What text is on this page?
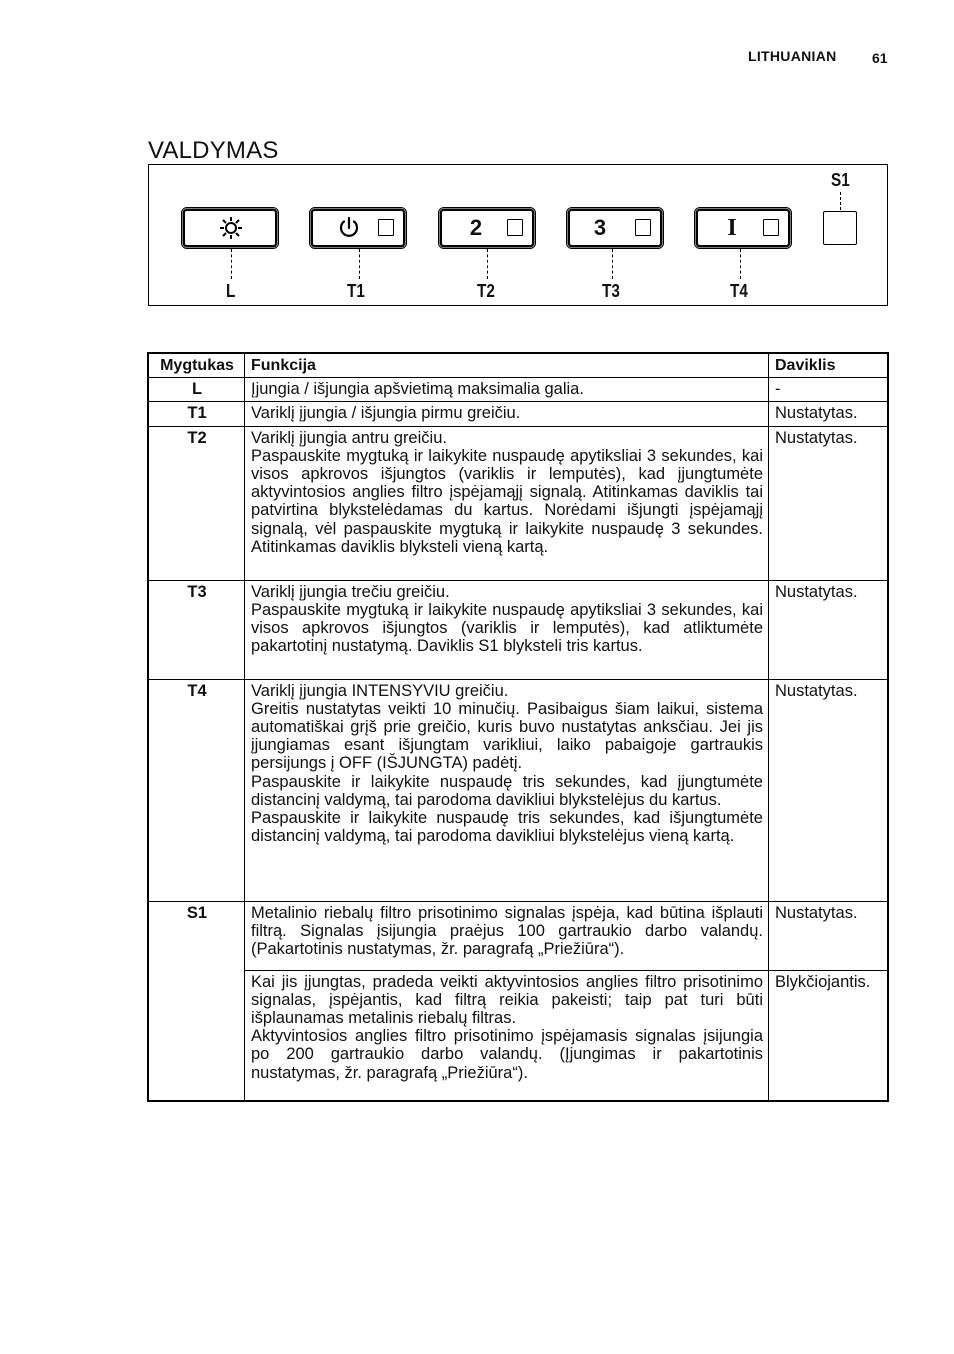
LITHUANIAN	61
VALDYMAS
S1
L	T1
2
T2
3
T3
I
T4
Mygtukas	Funkcija	Daviklis
L	Įjungia / išjungia apšvietimą maksimalia galia.	-
T1	Variklį įjungia / išjungia pirmu greičiu.	Nustatytas.
T2	Variklį įjungia antru greičiu.
Paspauskite mygtuką ir laikykite nuspaudę apytiksliai 3 sekundes, kai visos apkrovos išjungtos (variklis ir lemputės), kad įjungtumėte aktyvintosios anglies filtro įspėjamąjį signalą. Atitinkamas daviklis tai patvirtina blykstelėdamas du kartus. Norėdami išjungti įspėjamąjį signalą, vėl paspauskite mygtuką ir laikykite nuspaudę 3 sekundes. Atitinkamas daviklis blyksteli vieną kartą.	Nustatytas.
T3	Variklį įjungia trečiu greičiu.
Paspauskite mygtuką ir laikykite nuspaudę apytiksliai 3 sekundes, kai visos apkrovos išjungtos (variklis ir lemputės), kad atliktumėte pakartotinį nustatymą. Daviklis S1 blyksteli tris kartus.	Nustatytas.
T4	Variklį įjungia INTENSYVIU greičiu.
Greitis nustatytas veikti 10 minučių. Pasibaigus šiam laikui, sistema automatiškai grįš prie greičio, kuris buvo nustatytas anksčiau. Jei jis įjungiamas esant išjungtam varikliui, laiko pabaigoje gartraukis persijungs į OFF (IŠJUNGTA) padėtį.
Paspauskite ir laikykite nuspaudę tris sekundes, kad įjungtumėte distancinį valdymą, tai parodoma davikliui blykstelėjus du kartus.
Paspauskite ir laikykite nuspaudę tris sekundes, kad išjungtumėte distancinį valdymą, tai parodoma davikliui blykstelėjus vieną kartą.	Nustatytas.
S1	Metalinio riebalų filtro prisotinimo signalas įspėja, kad būtina išplauti filtrą. Signalas įsijungia praėjus 100 gartraukio darbo valandų. (Pakartotinis nustatymas, žr. paragrafą „Priežiūra“).	Nustatytas.

	Kai jis įjungtas, pradeda veikti aktyvintosios anglies filtro prisotinimo signalas, įspėjantis, kad filtrą reikia pakeisti; taip pat turi būti išplaunamas metalinis riebalų filtras.
Aktyvintosios anglies filtro prisotinimo įspėjamasis signalas įsijungia po 200 gartraukio darbo valandų. (Įjungimas ir pakartotinis nustatymas, žr. paragrafą „Priežiūra“).	Blykčiojantis.
